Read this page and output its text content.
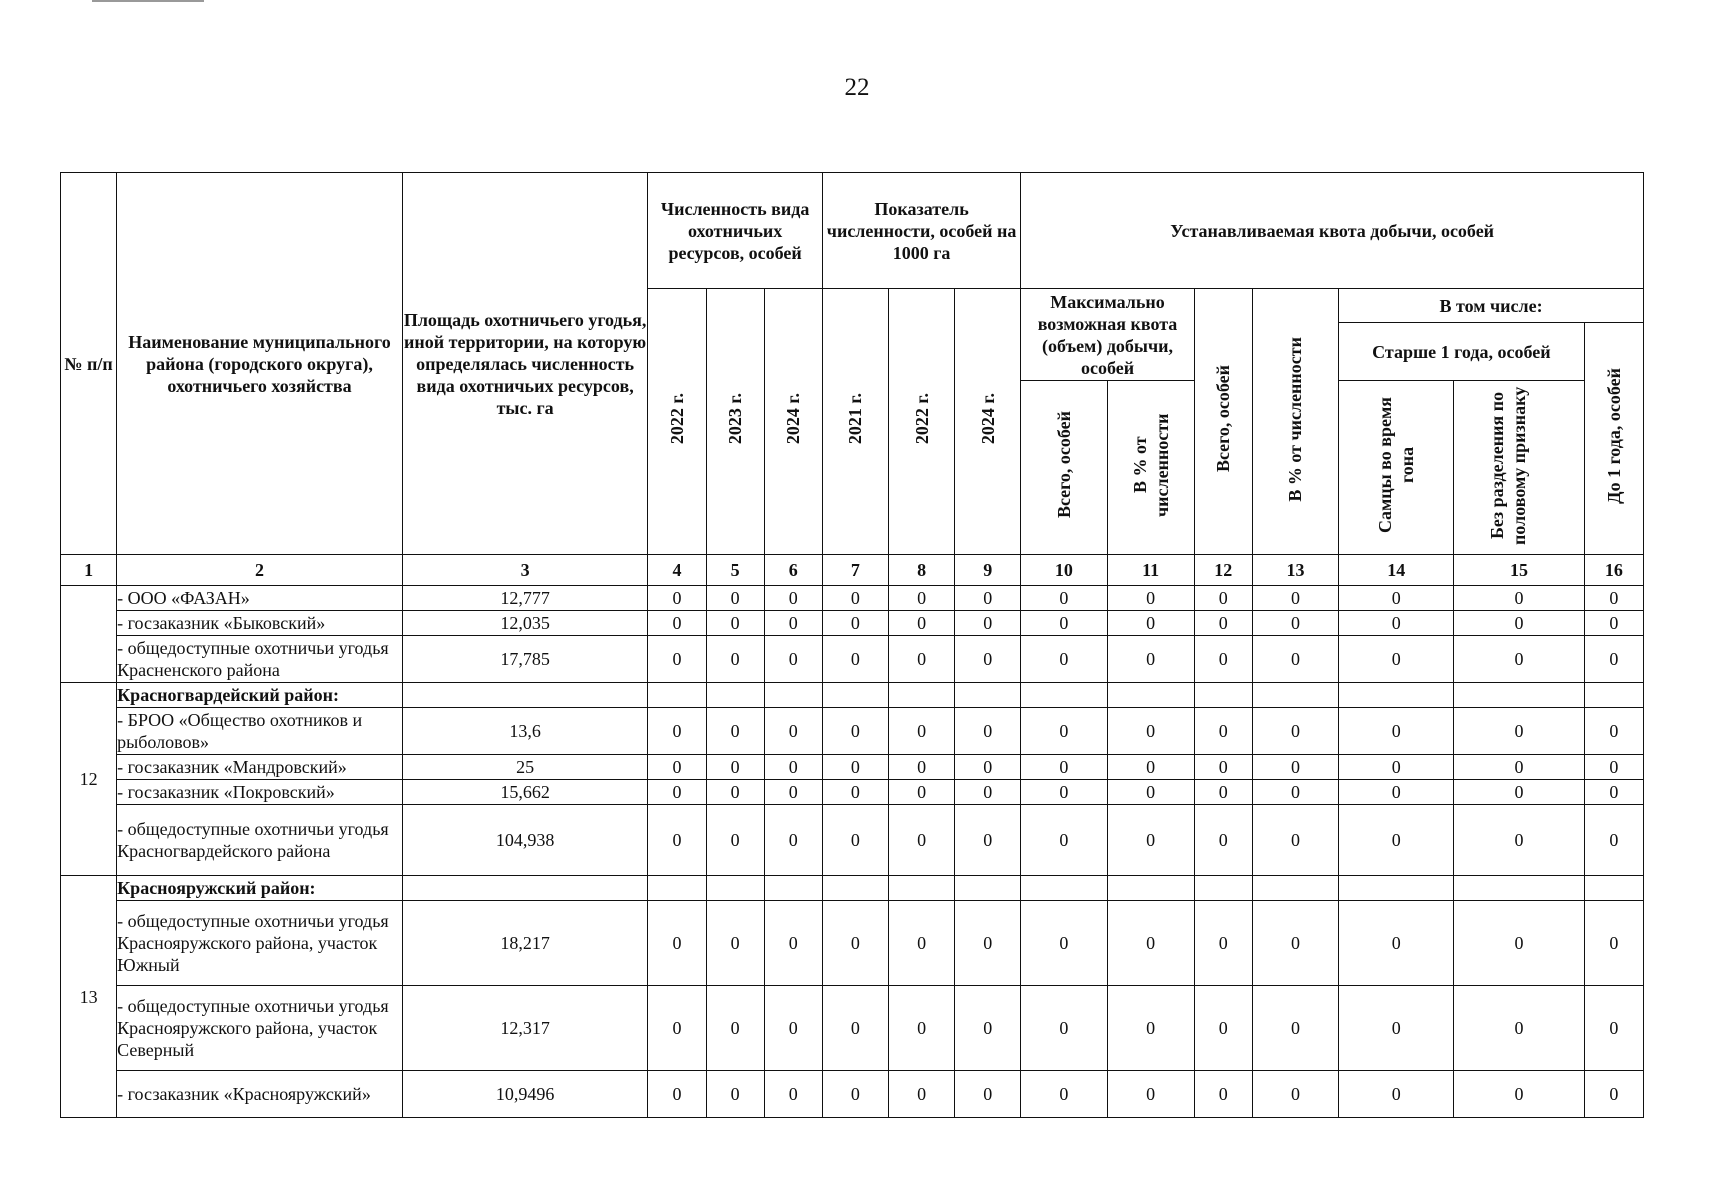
22
№ п/п	Наименование муниципального района (городского округа), охотничьего хозяйства	Площадь охотничьего угодья, иной территории, на которую определялась численность вида охотничьих ресурсов, тыс. га	Численность вида охотничьих ресурсов, особей			Показатель численности, особей на 1000 га			Устанавливаемая квота добычи, особей						
			2022 г.	2023 г.	2024 г.	2021 г.	2022 г.	2024 г.	Максимально возможная квота (объем) добычи, особей		Всего, особей	В % от численности	В том числе:		
													Старше 1 года, особей		До 1 года, особей
									Всего, особей	В % от численности			Самцы во время гона	Без разделения по половому признаку	
1	2	3	4	5	6	7	8	9	10	11	12	13	14	15	16
	- ООО «ФАЗАН»	12,777	0	0	0	0	0	0	0	0	0	0	0	0	0
	- госзаказник «Быковский»	12,035	0	0	0	0	0	0	0	0	0	0	0	0	0
	- общедоступные охотничьи угодья Красненского района	17,785	0	0	0	0	0	0	0	0	0	0	0	0	0
12	Красногвардейский район:														
	- БРОО «Общество охотников и рыболовов»	13,6	0	0	0	0	0	0	0	0	0	0	0	0	0
	- госзаказник «Мандровский»	25	0	0	0	0	0	0	0	0	0	0	0	0	0
	- госзаказник «Покровский»	15,662	0	0	0	0	0	0	0	0	0	0	0	0	0
	- общедоступные охотничьи угодья Красногвардейского района	104,938	0	0	0	0	0	0	0	0	0	0	0	0	0
13	Краснояружский район:														
	- общедоступные охотничьи угодья Краснояружского района, участок Южный	18,217	0	0	0	0	0	0	0	0	0	0	0	0	0
	- общедоступные охотничьи угодья Краснояружского района, участок Северный	12,317	0	0	0	0	0	0	0	0	0	0	0	0	0
	- госзаказник «Краснояружский»	10,9496	0	0	0	0	0	0	0	0	0	0	0	0	0
